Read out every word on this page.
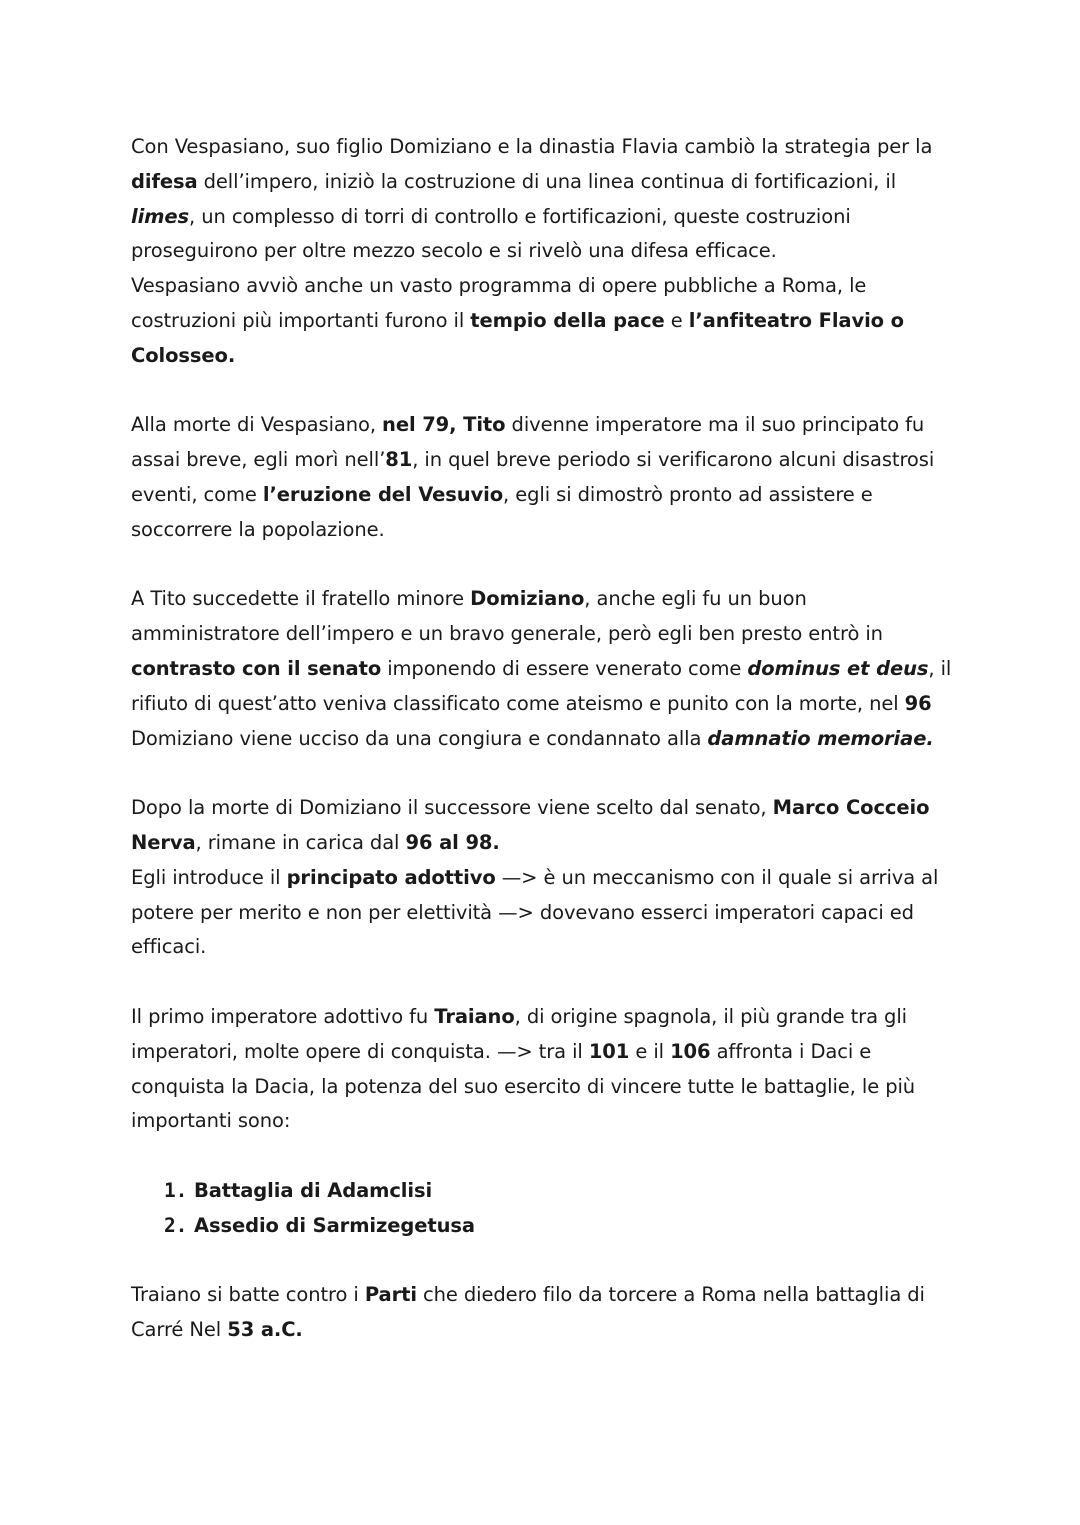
Con Vespasiano, suo figlio Domiziano e la dinastia Flavia cambiò la strategia per la difesa dell’impero, iniziò la costruzione di una linea continua di fortificazioni, il limes, un complesso di torri di controllo e fortificazioni, queste costruzioni proseguirono per oltre mezzo secolo e si rivelò una difesa efficace.
Vespasiano avviò anche un vasto programma di opere pubbliche a Roma, le costruzioni più importanti furono il tempio della pace e l’anfiteatro Flavio o Colosseo.

Alla morte di Vespasiano, nel 79, Tito divenne imperatore ma il suo principato fu assai breve, egli morì nell’81, in quel breve periodo si verificarono alcuni disastrosi eventi, come l’eruzione del Vesuvio, egli si dimostrò pronto ad assistere e soccorrere la popolazione.

A Tito succedette il fratello minore Domiziano, anche egli fu un buon amministratore dell’impero e un bravo generale, però egli ben presto entrò in contrasto con il senato imponendo di essere venerato come dominus et deus, il rifiuto di quest’atto veniva classificato come ateismo e punito con la morte, nel 96 Domiziano viene ucciso da una congiura e condannato alla damnatio memoriae.

Dopo la morte di Domiziano il successore viene scelto dal senato, Marco Cocceio Nerva, rimane in carica dal 96 al 98.
Egli introduce il principato adottivo —> è un meccanismo con il quale si arriva al potere per merito e non per elettività —> dovevano esserci imperatori capaci ed efficaci.

Il primo imperatore adottivo fu Traiano, di origine spagnola, il più grande tra gli imperatori, molte opere di conquista. —> tra il 101 e il 106 affronta i Daci e conquista la Dacia, la potenza del suo esercito di vincere tutte le battaglie, le più importanti sono:

1. Battaglia di Adamclisi
2. Assedio di Sarmizegetusa

Traiano si batte contro i Parti che diedero filo da torcere a Roma nella battaglia di Carré Nel 53 a.C.
